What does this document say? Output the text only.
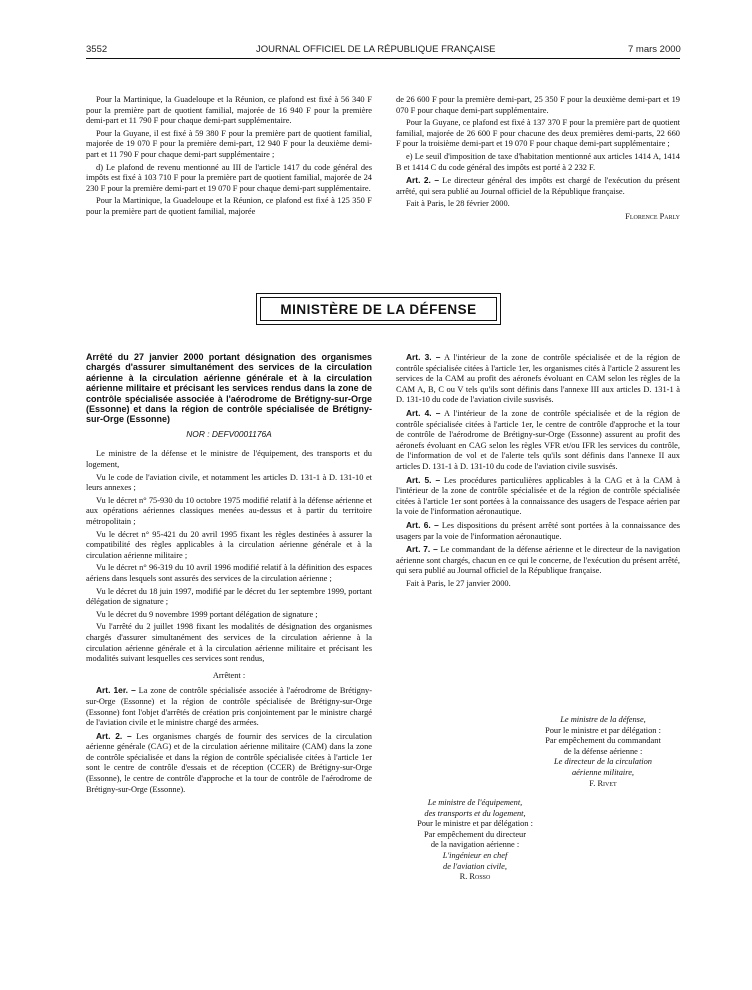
3552	JOURNAL OFFICIEL DE LA RÉPUBLIQUE FRANÇAISE	7 mars 2000

Pour la Martinique, la Guadeloupe et la Réunion, ce plafond est fixé à 56 340 F pour la première part de quotient familial, majorée de 16 940 F pour la première demi-part et 11 790 F pour chaque demi-part supplémentaire.

Pour la Guyane, il est fixé à 59 380 F pour la première part de quotient familial, majorée de 19 070 F pour la première demi-part, 12 940 F pour la deuxième demi-part et 11 790 F pour chaque demi-part supplémentaire ;

d) Le plafond de revenu mentionné au III de l'article 1417 du code général des impôts est fixé à 103 710 F pour la première part de quotient familial, majorée de 24 230 F pour la première demi-part et 19 070 F pour chaque demi-part supplémentaire.

Pour la Martinique, la Guadeloupe et la Réunion, ce plafond est fixé à 125 350 F pour la première part de quotient familial, majorée

de 26 600 F pour la première demi-part, 25 350 F pour la deuxième demi-part et 19 070 F pour chaque demi-part supplémentaire.

Pour la Guyane, ce plafond est fixé à 137 370 F pour la première part de quotient familial, majorée de 26 600 F pour chacune des deux premières demi-parts, 22 660 F pour la troisième demi-part et 19 070 F pour chaque demi-part supplémentaire ;

e) Le seuil d'imposition de taxe d'habitation mentionné aux articles 1414 A, 1414 B et 1414 C du code général des impôts est porté à 2 232 F.

Art. 2. – Le directeur général des impôts est chargé de l'exécution du présent arrêté, qui sera publié au Journal officiel de la République française.

Fait à Paris, le 28 février 2000.

Florence Parly

MINISTÈRE DE LA DÉFENSE

Arrêté du 27 janvier 2000 portant désignation des organismes chargés d'assurer simultanément des services de la circulation aérienne à la circulation aérienne générale et à la circulation aérienne militaire et précisant les services rendus dans la zone de contrôle spécialisée associée à l'aérodrome de Brétigny-sur-Orge (Essonne) et dans la région de contrôle spécialisée de Brétigny-sur-Orge (Essonne)

NOR : DEFV0001176A

Le ministre de la défense et le ministre de l'équipement, des transports et du logement,

Vu le code de l'aviation civile, et notamment les articles D. 131-1 à D. 131-10 et leurs annexes ;

Vu le décret n° 75-930 du 10 octobre 1975 modifié relatif à la défense aérienne et aux opérations aériennes classiques menées au-dessus et à partir du territoire métropolitain ;

Vu le décret n° 95-421 du 20 avril 1995 fixant les règles destinées à assurer la compatibilité des règles applicables à la circulation aérienne générale et à la circulation aérienne militaire ;

Vu le décret n° 96-319 du 10 avril 1996 modifié relatif à la définition des espaces aériens dans lesquels sont assurés des services de la circulation aérienne ;

Vu le décret du 18 juin 1997, modifié par le décret du 1er septembre 1999, portant délégation de signature ;

Vu le décret du 9 novembre 1999 portant délégation de signature ;

Vu l'arrêté du 2 juillet 1998 fixant les modalités de désignation des organismes chargés d'assurer simultanément des services de la circulation aérienne à la circulation aérienne générale et à la circulation aérienne militaire et précisant les modalités suivant lesquelles ces services sont rendus,

Arrêtent :

Art. 1er. – La zone de contrôle spécialisée associée à l'aérodrome de Brétigny-sur-Orge (Essonne) et la région de contrôle spécialisée de Brétigny-sur-Orge (Essonne) font l'objet d'arrêtés de création pris conjointement par le ministre chargé de l'aviation civile et le ministre chargé des armées.

Art. 2. – Les organismes chargés de fournir des services de la circulation aérienne générale (CAG) et de la circulation aérienne militaire (CAM) dans la zone de contrôle spécialisée et dans la région de contrôle spécialisée citées à l'article 1er sont le centre de contrôle d'essais et de réception (CCER) de Brétigny-sur-Orge (Essonne), le centre de contrôle d'approche et la tour de contrôle de l'aérodrome de Brétigny-sur-Orge (Essonne).

Art. 3. – A l'intérieur de la zone de contrôle spécialisée et de la région de contrôle spécialisée citées à l'article 1er, les organismes cités à l'article 2 assurent les services de la CAM au profit des aéronefs évoluant en CAM selon les règles de la CAM A, B, C ou V tels qu'ils sont définis dans l'annexe III aux articles D. 131-1 à D. 131-10 du code de l'aviation civile susvisés.

Art. 4. – A l'intérieur de la zone de contrôle spécialisée et de la région de contrôle spécialisée citées à l'article 1er, le centre de contrôle d'approche et la tour de contrôle de l'aérodrome de Brétigny-sur-Orge (Essonne) assurent au profit des aéronefs évoluant en CAG selon les règles VFR et/ou IFR les services du contrôle, de l'information de vol et de l'alerte tels qu'ils sont définis dans l'annexe II aux articles D. 131-1 à D. 131-10 du code de l'aviation civile susvisés.

Art. 5. – Les procédures particulières applicables à la CAG et à la CAM à l'intérieur de la zone de contrôle spécialisée et de la région de contrôle spécialisée citées à l'article 1er sont portées à la connaissance des usagers de l'espace aérien par la voie de l'information aéronautique.

Art. 6. – Les dispositions du présent arrêté sont portées à la connaissance des usagers par la voie de l'information aéronautique.

Art. 7. – Le commandant de la défense aérienne et le directeur de la navigation aérienne sont chargés, chacun en ce qui le concerne, de l'exécution du présent arrêté, qui sera publié au Journal officiel de la République française.

Fait à Paris, le 27 janvier 2000.

Le ministre de la défense,
Pour le ministre et par délégation :
Par empêchement du commandant
de la défense aérienne :
Le directeur de la circulation
aérienne militaire,
F. Rivet
Le ministre de l'équipement,
des transports et du logement,
Pour le ministre et par délégation :
Par empêchement du directeur
de la navigation aérienne :
L'ingénieur en chef
de l'aviation civile,
R. Rosso
